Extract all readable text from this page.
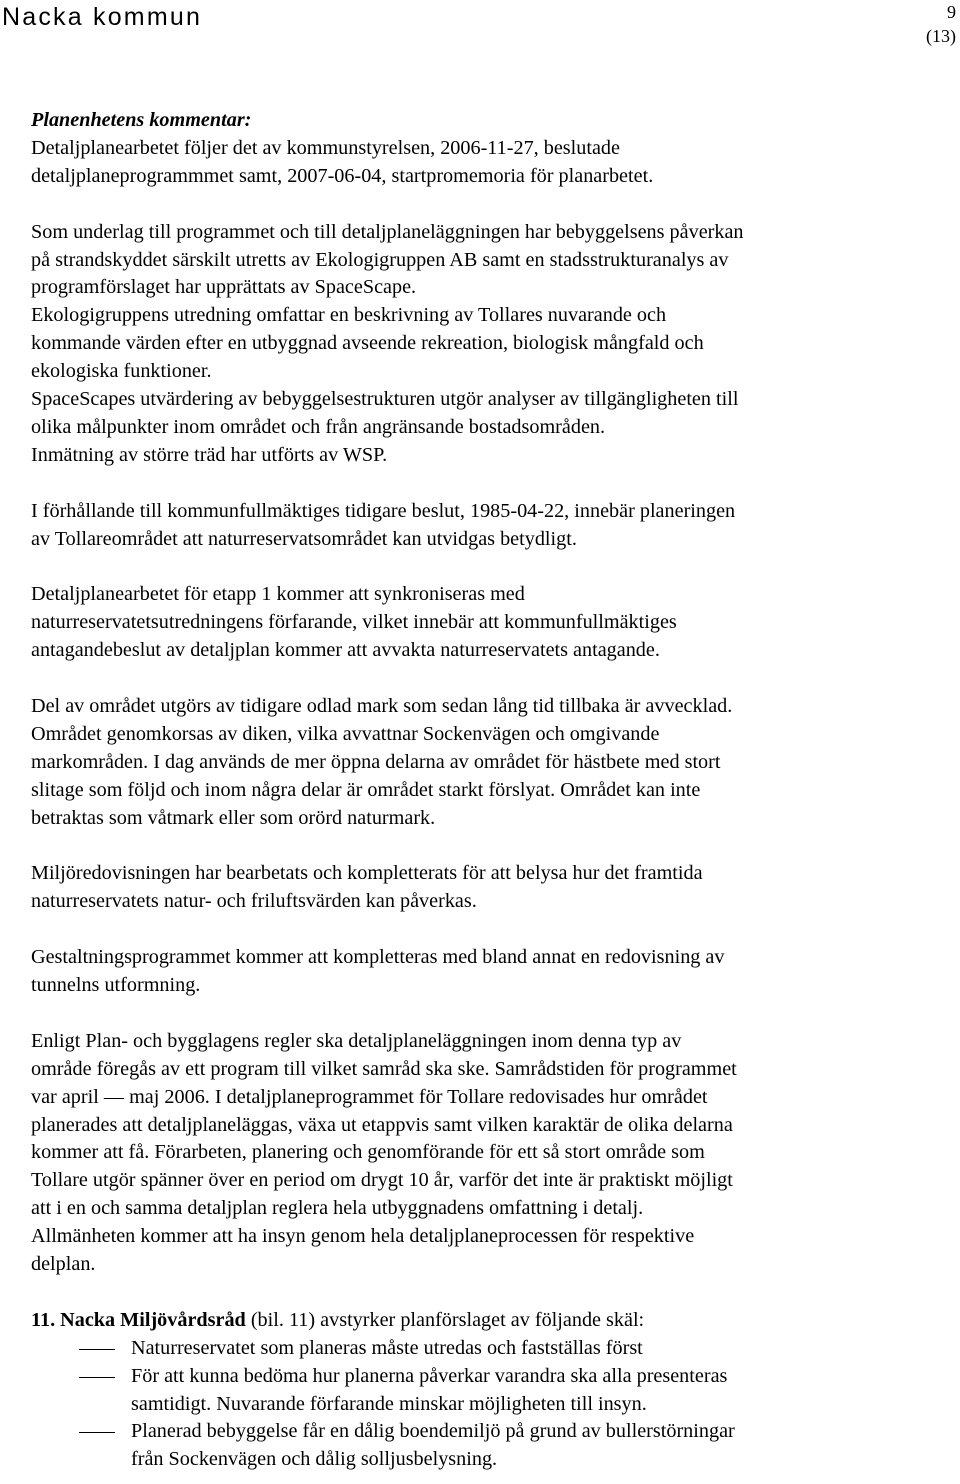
Nacka kommun	9
(13)

Planenhetens kommentar:
Detaljplanearbetet följer det av kommunstyrelsen, 2006-11-27, beslutade
detaljplaneprogrammmet samt, 2007-06-04, startpromemoria för planarbetet.

Som underlag till programmet och till detaljplaneläggningen har bebyggelsens påverkan
på strandskyddet särskilt utretts av Ekologigruppen AB samt en stadsstrukturanalys av
programförslaget har upprättats av SpaceScape.
Ekologigruppens utredning omfattar en beskrivning av Tollares nuvarande och
kommande värden efter en utbyggnad avseende rekreation, biologisk mångfald och
ekologiska funktioner.
SpaceScapes utvärdering av bebyggelsestrukturen utgör analyser av tillgängligheten till
olika målpunkter inom området och från angränsande bostadsområden.
Inmätning av större träd har utförts av WSP.

I förhållande till kommunfullmäktiges tidigare beslut, 1985-04-22, innebär planeringen
av Tollareområdet att naturreservatsområdet kan utvidgas betydligt.

Detaljplanearbetet för etapp 1 kommer att synkroniseras med
naturreservatetsutredningens förfarande, vilket innebär att kommunfullmäktiges
antagandebeslut av detaljplan kommer att avvakta naturreservatets antagande.

Del av området utgörs av tidigare odlad mark som sedan lång tid tillbaka är avvecklad.
Området genomkorsas av diken, vilka avvattnar Sockenvägen och omgivande
markområden. I dag används de mer öppna delarna av området för hästbete med stort
slitage som följd och inom några delar är området starkt förslyat. Området kan inte
betraktas som våtmark eller som orörd naturmark.

Miljöredovisningen har bearbetats och kompletterats för att belysa hur det framtida
naturreservatets natur- och friluftsvärden kan påverkas.

Gestaltningsprogrammet kommer att kompletteras med bland annat en redovisning av
tunnelns utformning.

Enligt Plan- och bygglagens regler ska detaljplaneläggningen inom denna typ av
område föregås av ett program till vilket samråd ska ske. Samrådstiden för programmet
var april — maj 2006. I detaljplaneprogrammet för Tollare redovisades hur området
planerades att detaljplaneläggas, växa ut etappvis samt vilken karaktär de olika delarna
kommer att få. Förarbeten, planering och genomförande för ett så stort område som
Tollare utgör spänner över en period om drygt 10 år, varför det inte är praktiskt möjligt
att i en och samma detaljplan reglera hela utbyggnadens omfattning i detalj.
Allmänheten kommer att ha insyn genom hela detaljplaneprocessen för respektive
delplan.

11. Nacka Miljövårdsråd (bil. 11) avstyrker planförslaget av följande skäl:

Naturreservatet som planeras måste utredas och fastställas först
För att kunna bedöma hur planerna påverkar varandra ska alla presenteras
samtidigt. Nuvarande förfarande minskar möjligheten till insyn.
Planerad bebyggelse får en dålig boendemiljö på grund av bullerstörningar
från Sockenvägen och dålig solljusbelysning.
